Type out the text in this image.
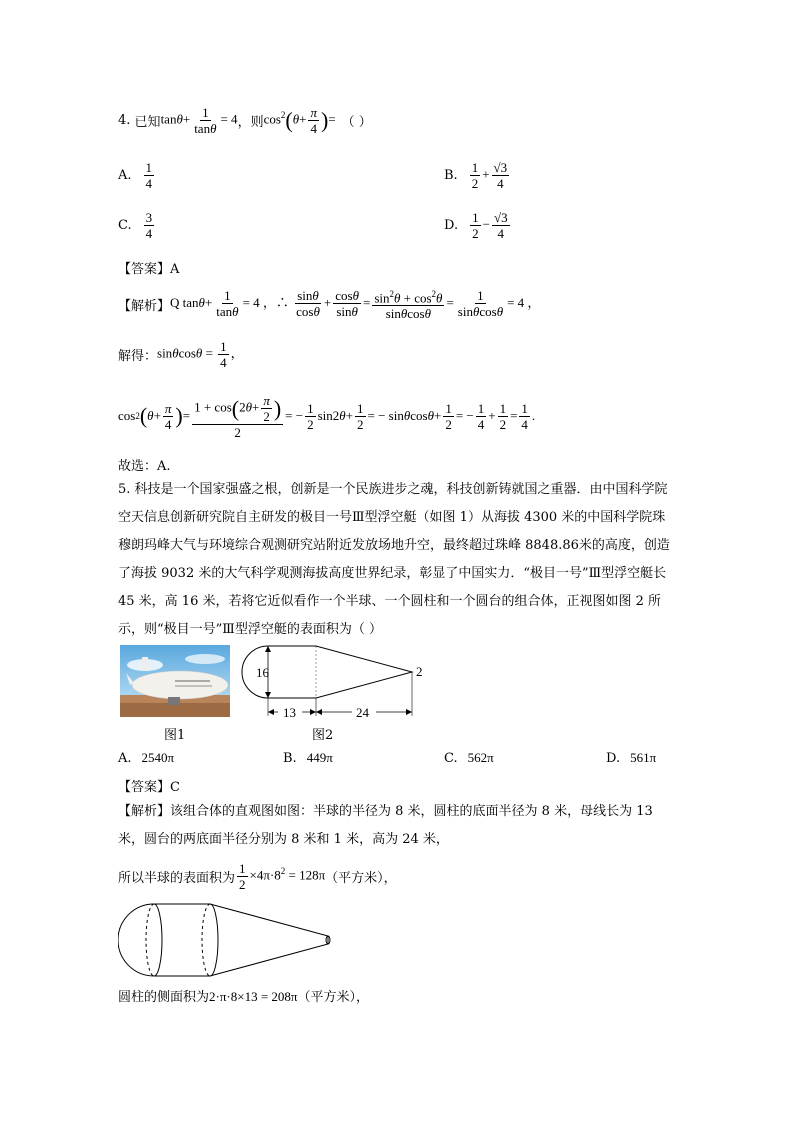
4.
已知 $\tan\theta+ \frac{1}{\tan\theta} = 4$ ，则 $\cos^2(\theta+ \frac{\pi}{4}$ )= （ ）
A. $\frac{1}{4}$	B. $\frac{1}{2} + \frac{√3}{4}$
C. $\frac{3}{4}$	D. $\frac{1}{2} - \frac{√3}{4}$
【答案】A
【解析】 Q $\tan\theta+ \frac{1}{\tan\theta} = 4$ ，∴ $\frac{\sin\theta}{\cos\theta} + \frac{\cos\theta}{\sin\theta} = \frac{\sin^2\theta + \cos^2\theta}{\sin\theta\cos\theta} = \frac{1}{\sin\theta\cos\theta} = 4$ ，
解得： $\sin\theta\cos\theta = \frac{1}{4}$ ，
cos 2 ( $\theta + \frac{\pi}{4}$ ) = $\frac{1 + \cos(2\theta+ \frac{\pi}{2} )}{2}$ = − $\frac{1}{2} \sin 2$ $\theta + \frac{1}{2}$ = − sin θ $\cos \theta + \frac{1}{2}$ = − $\frac{1}{4} + \frac{1}{2} = \frac{1}{4}$ .
故选：A.
5. 科技是一个国家强盛之根，创新是一个民族进步之魂，科技创新铸就国之重器．由中国科学院空天信息创新研究院自主研发的极目一号Ⅲ型浮空艇（如图 1）从海拔 4300 米的中国科学院珠穆朗玛峰大气与环境综合观测研究站附近发放场地升空，最终超过珠峰 8848.86米的高度，创造了海拔 9032 米的大气科学观测海拔高度世界纪录，彰显了中国实力．“极目一号”Ⅲ型浮空艇长 45 米，高 16 米，若将它近似看作一个半球、一个圆柱和一个圆台的组合体，正视图如图 2 所示，则“极目一号”Ⅲ型浮空艇的表面积为（ ）
图1
16
13	24
2
图2
A. 2540π	B. 449π	C. 562π	D. 561π
【答案】C
【解析】该组合体的直观图如图：半球的半径为 8 米，圆柱的底面半径为 8 米，母线长为 13 米，圆台的两底面半径分别为 8 米和 1 米，高为 24 米，
所以半球的表面积为 $\frac{1}{2} \times 4\pi\cdot 8^2 = 128\pi$ （平方米），
圆柱的侧面积为2·π·8×13 = 208π（平方米），
